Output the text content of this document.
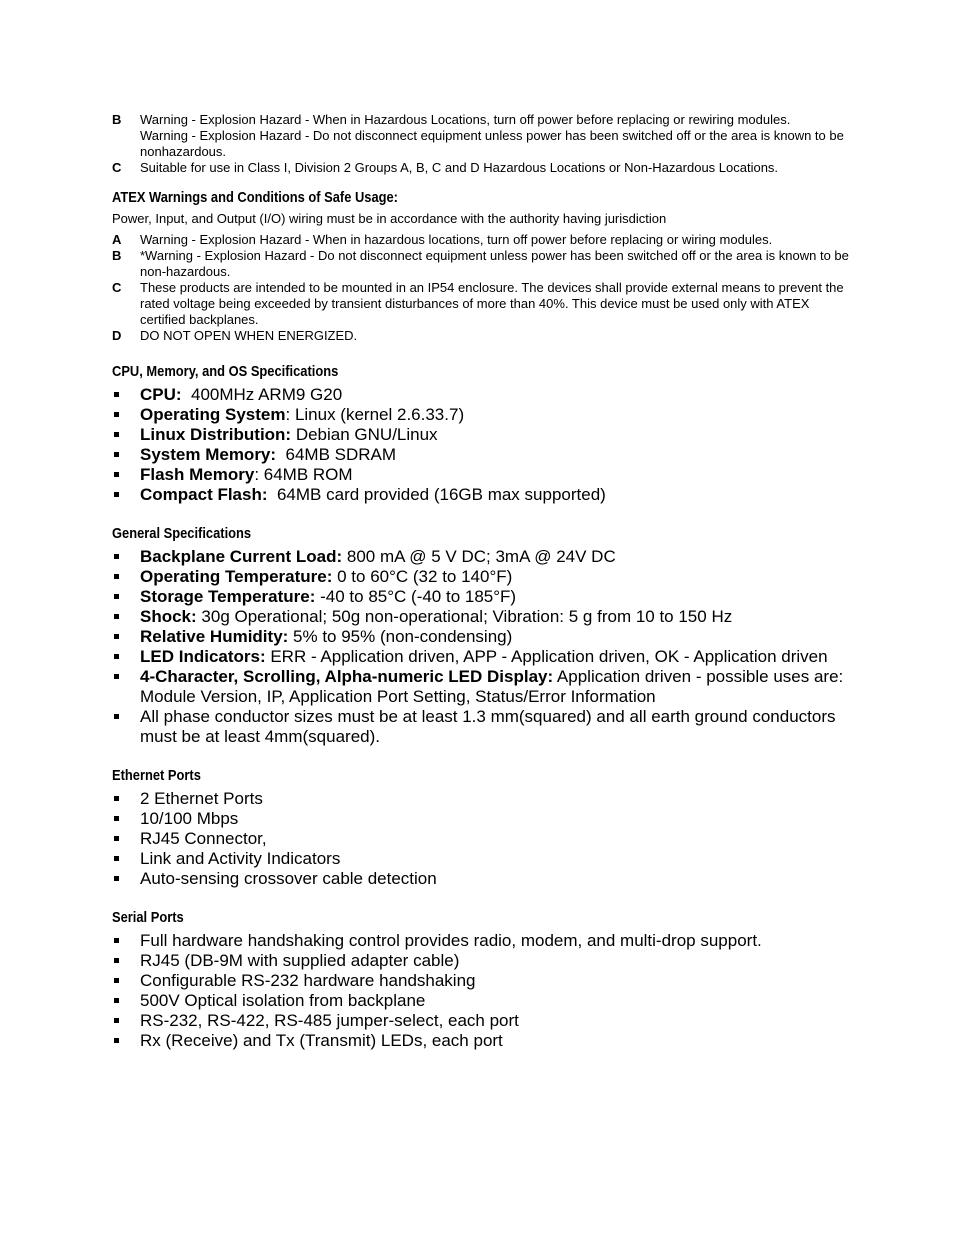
B	Warning - Explosion Hazard - When in Hazardous Locations, turn off power before replacing or rewiring modules.

Warning - Explosion Hazard - Do not disconnect equipment unless power has been switched off or the area is known to be nonhazardous.

C	Suitable for use in Class I, Division 2 Groups A, B, C and D Hazardous Locations or Non-Hazardous Locations.

ATEX Warnings and Conditions of Safe Usage:

Power, Input, and Output (I/O) wiring must be in accordance with the authority having jurisdiction

A	Warning - Explosion Hazard - When in hazardous locations, turn off power before replacing or wiring modules.
B	*Warning - Explosion Hazard - Do not disconnect equipment unless power has been switched off or the area is known to be non-hazardous.
C	These products are intended to be mounted in an IP54 enclosure. The devices shall provide external means to prevent the rated voltage being exceeded by transient disturbances of more than 40%. This device must be used only with ATEX certified backplanes.
D	DO NOT OPEN WHEN ENERGIZED.

CPU, Memory, and OS Specifications

CPU:  400MHz ARM9 G20
Operating System: Linux (kernel 2.6.33.7)
Linux Distribution: Debian GNU/Linux
System Memory:  64MB SDRAM
Flash Memory: 64MB ROM
Compact Flash:  64MB card provided (16GB max supported)

General Specifications

Backplane Current Load: 800 mA @ 5 V DC; 3mA @ 24V DC
Operating Temperature: 0 to 60°C (32 to 140°F)
Storage Temperature: -40 to 85°C (-40 to 185°F)
Shock: 30g Operational; 50g non-operational; Vibration: 5 g from 10 to 150 Hz
Relative Humidity: 5% to 95% (non-condensing)
LED Indicators: ERR - Application driven, APP - Application driven, OK - Application driven
4-Character, Scrolling, Alpha-numeric LED Display: Application driven - possible uses are: Module Version, IP, Application Port Setting, Status/Error Information
All phase conductor sizes must be at least 1.3 mm(squared) and all earth ground conductors must be at least 4mm(squared).

Ethernet Ports

2 Ethernet Ports
10/100 Mbps
RJ45 Connector,
Link and Activity Indicators
Auto-sensing crossover cable detection

Serial Ports

Full hardware handshaking control provides radio, modem, and multi-drop support.
RJ45 (DB-9M with supplied adapter cable)
Configurable RS-232 hardware handshaking
500V Optical isolation from backplane
RS-232, RS-422, RS-485 jumper-select, each port
Rx (Receive) and Tx (Transmit) LEDs, each port
